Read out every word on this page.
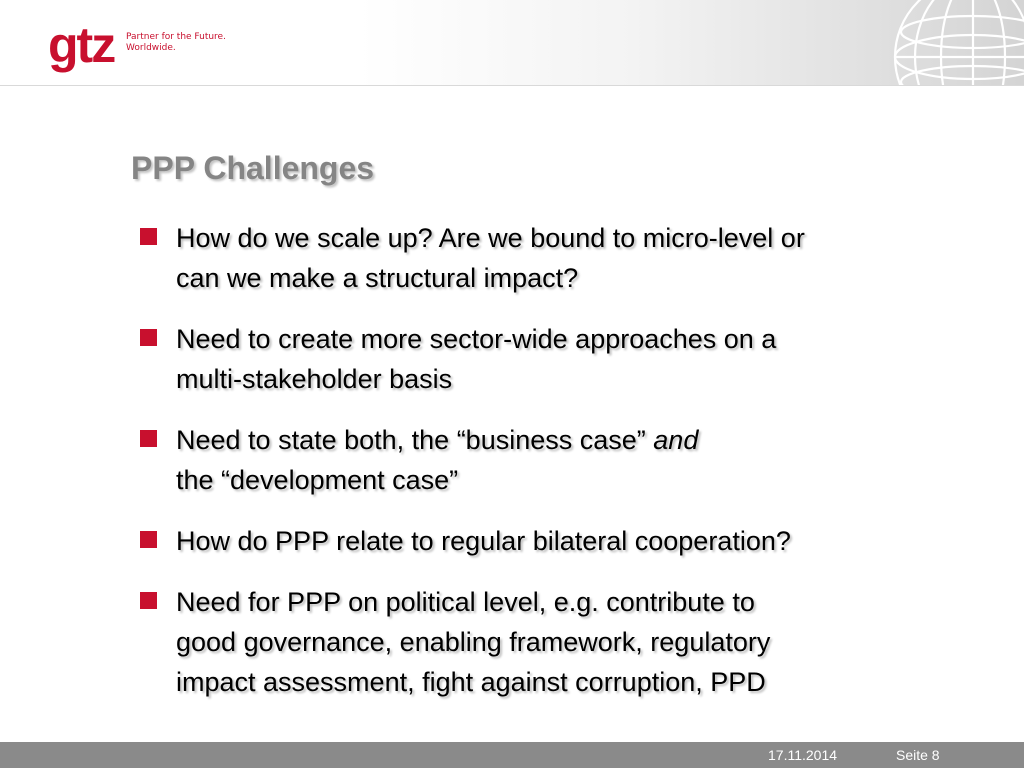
gtz Partner for the Future.
Worldwide.
PPP Challenges
How do we scale up? Are we bound to micro-level or
can we make a structural impact?
Need to create more sector-wide approaches on a
multi-stakeholder basis
Need to state both, the “business case” and
the “development case”
How do PPP relate to regular bilateral cooperation?
Need for PPP on political level, e.g. contribute to
good governance, enabling framework, regulatory
impact assessment, fight against corruption, PPD
17.11.2014	Seite 8
